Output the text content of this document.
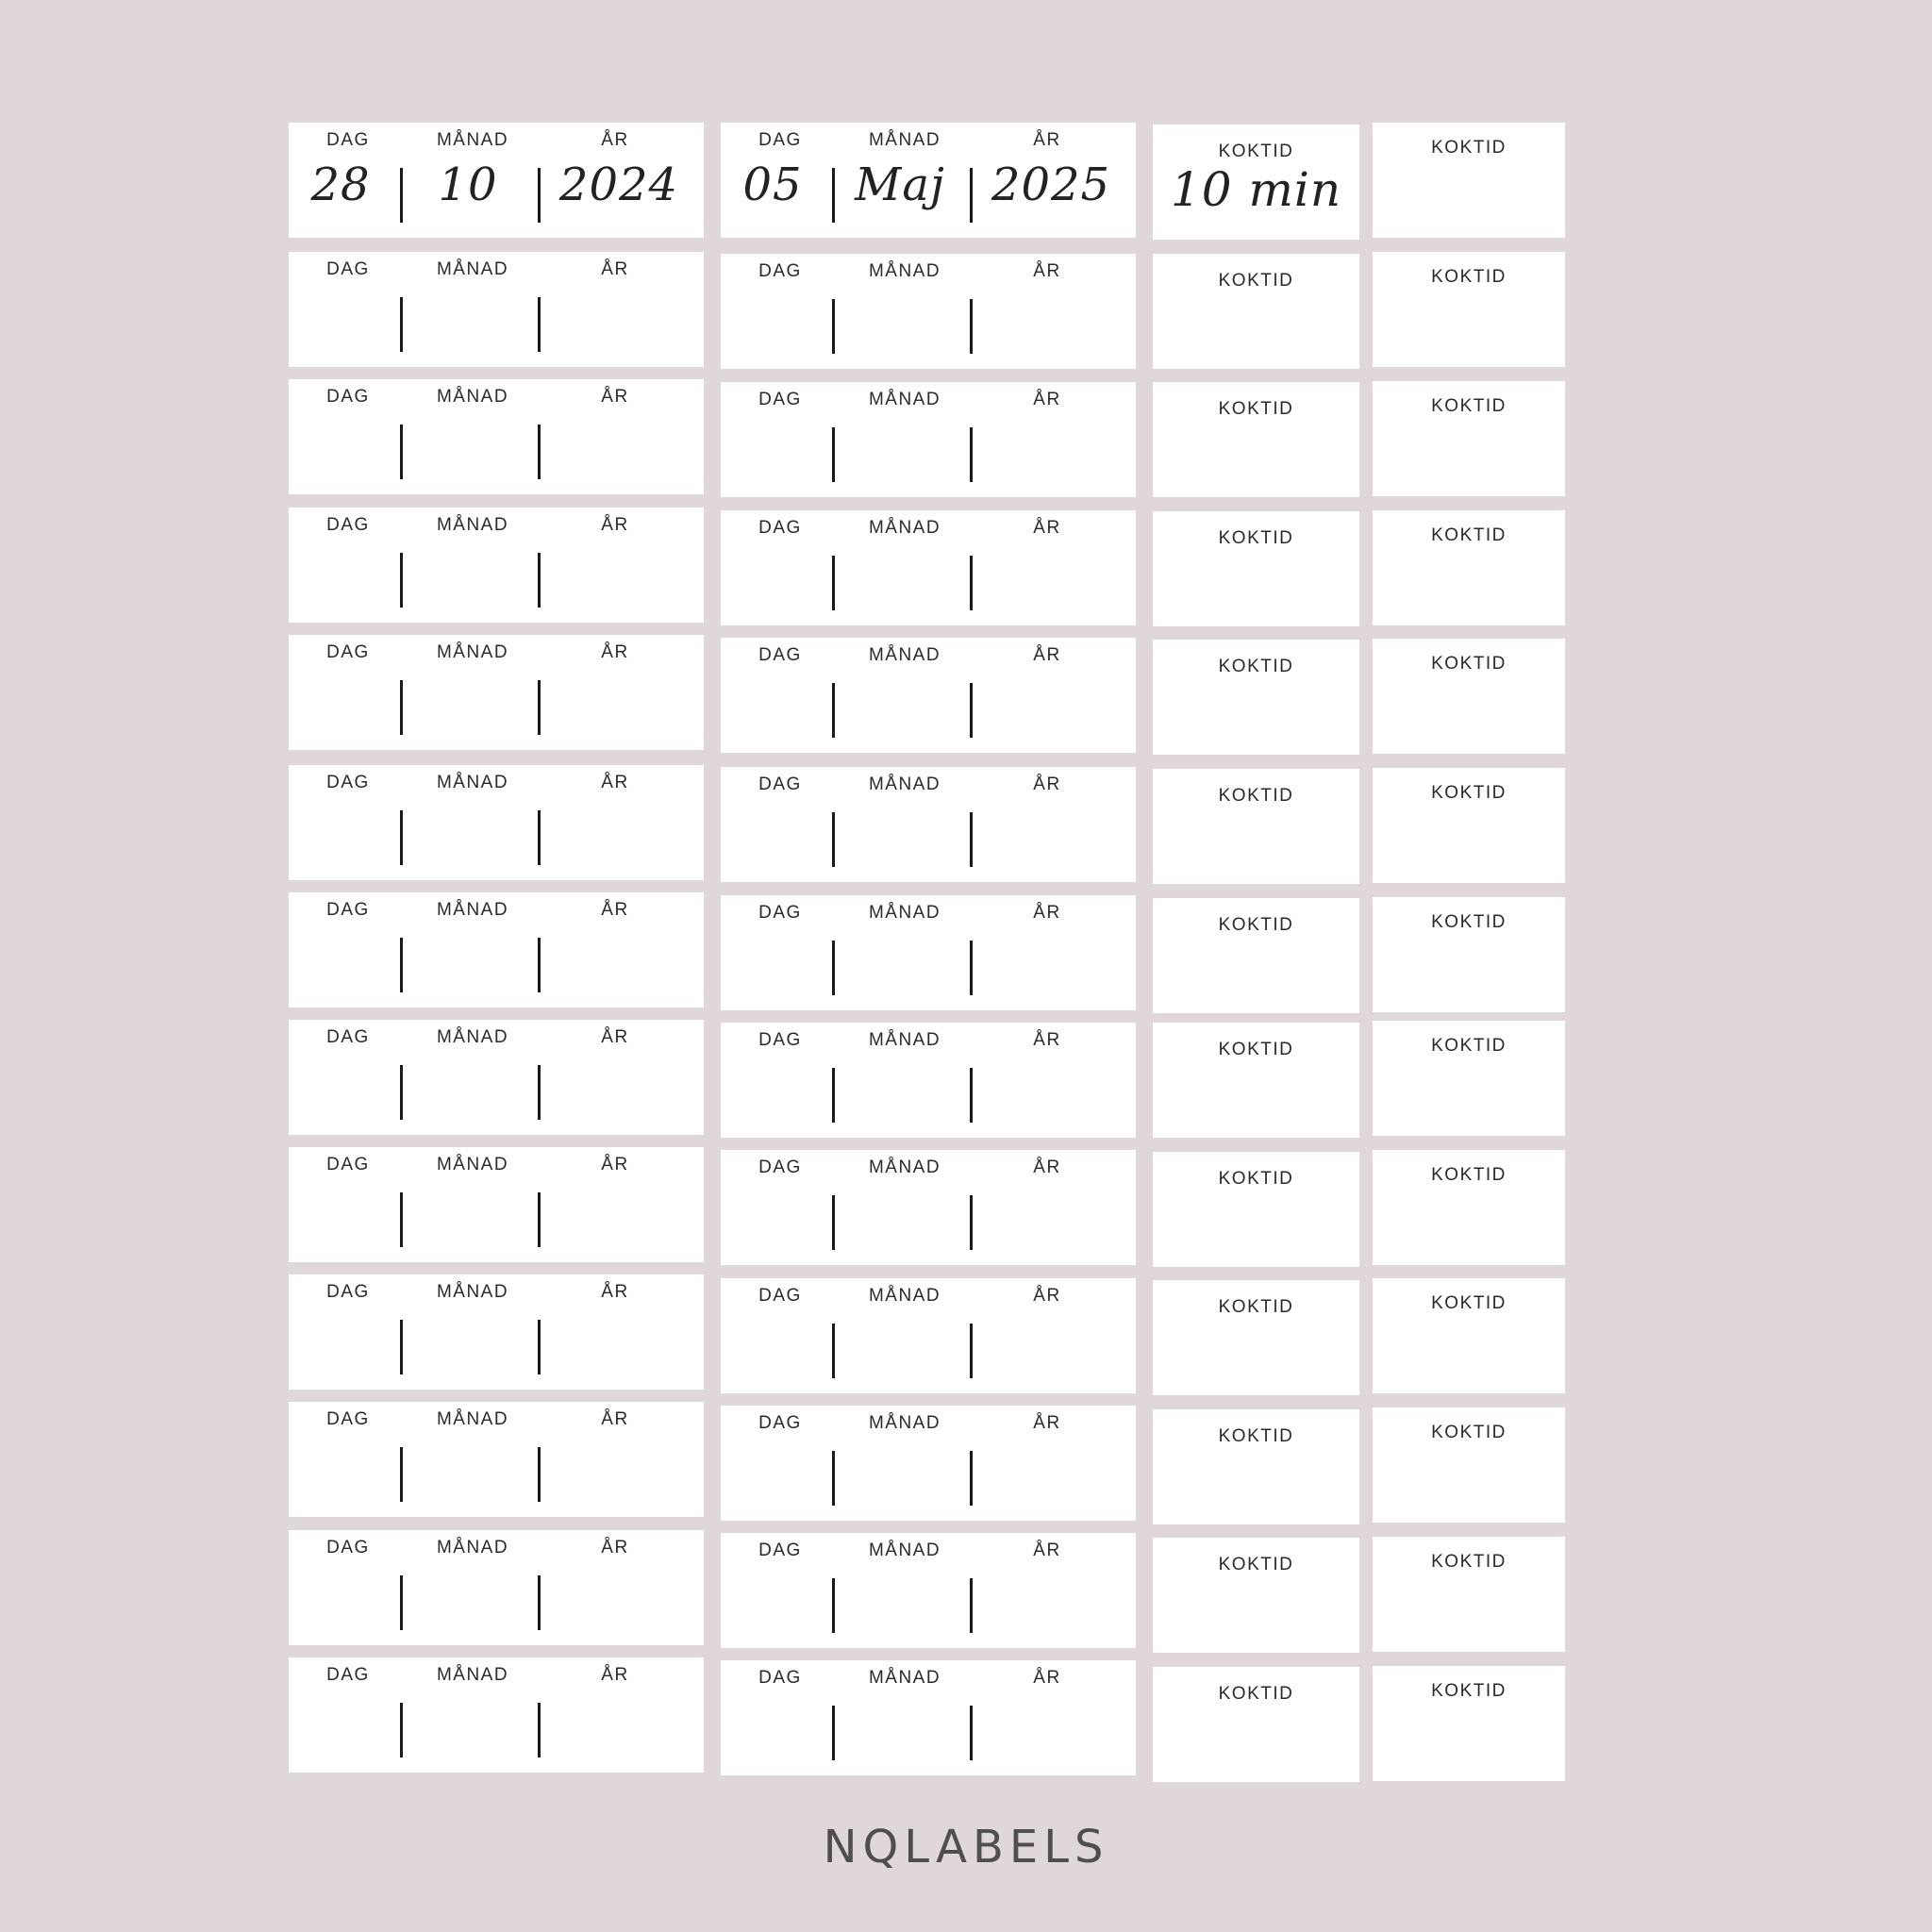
DAG	MÅNAD	ÅR
28 10 2024
DAG	MÅNAD	ÅR
05 Maj 2025
KOKTID
10 min
KOKTID
DAG	MÅNAD	ÅR	DAG	MÅNAD	ÅR	KOKTID	KOKTID
DAG	MÅNAD	ÅR	DAG	MÅNAD	ÅR	KOKTID	KOKTID
DAG	MÅNAD	ÅR	DAG	MÅNAD	ÅR
KOKTID	KOKTID
DAG	MÅNAD	ÅR	DAG	MÅNAD	ÅR
KOKTID	KOKTID
DAG	MÅNAD	ÅR	DAG	MÅNAD	ÅR
KOKTID	KOKTID
DAG	MÅNAD	ÅR	DAG	MÅNAD	ÅR
KOKTID	KOKTID
DAG	MÅNAD	ÅR	DAG	MÅNAD	ÅR	KOKTID	KOKTID
DAG	MÅNAD	ÅR	DAG	MÅNAD	ÅR
KOKTID	KOKTID
DAG	MÅNAD	ÅR	DAG	MÅNAD	ÅR
KOKTID	KOKTID
DAG	MÅNAD	ÅR	DAG	MÅNAD	ÅR
KOKTID	KOKTID
DAG	MÅNAD	ÅR	DAG	MÅNAD	ÅR
KOKTID	KOKTID
DAG	MÅNAD	ÅR	DAG	MÅNAD	ÅR
KOKTID	KOKTID
NQLABELS
